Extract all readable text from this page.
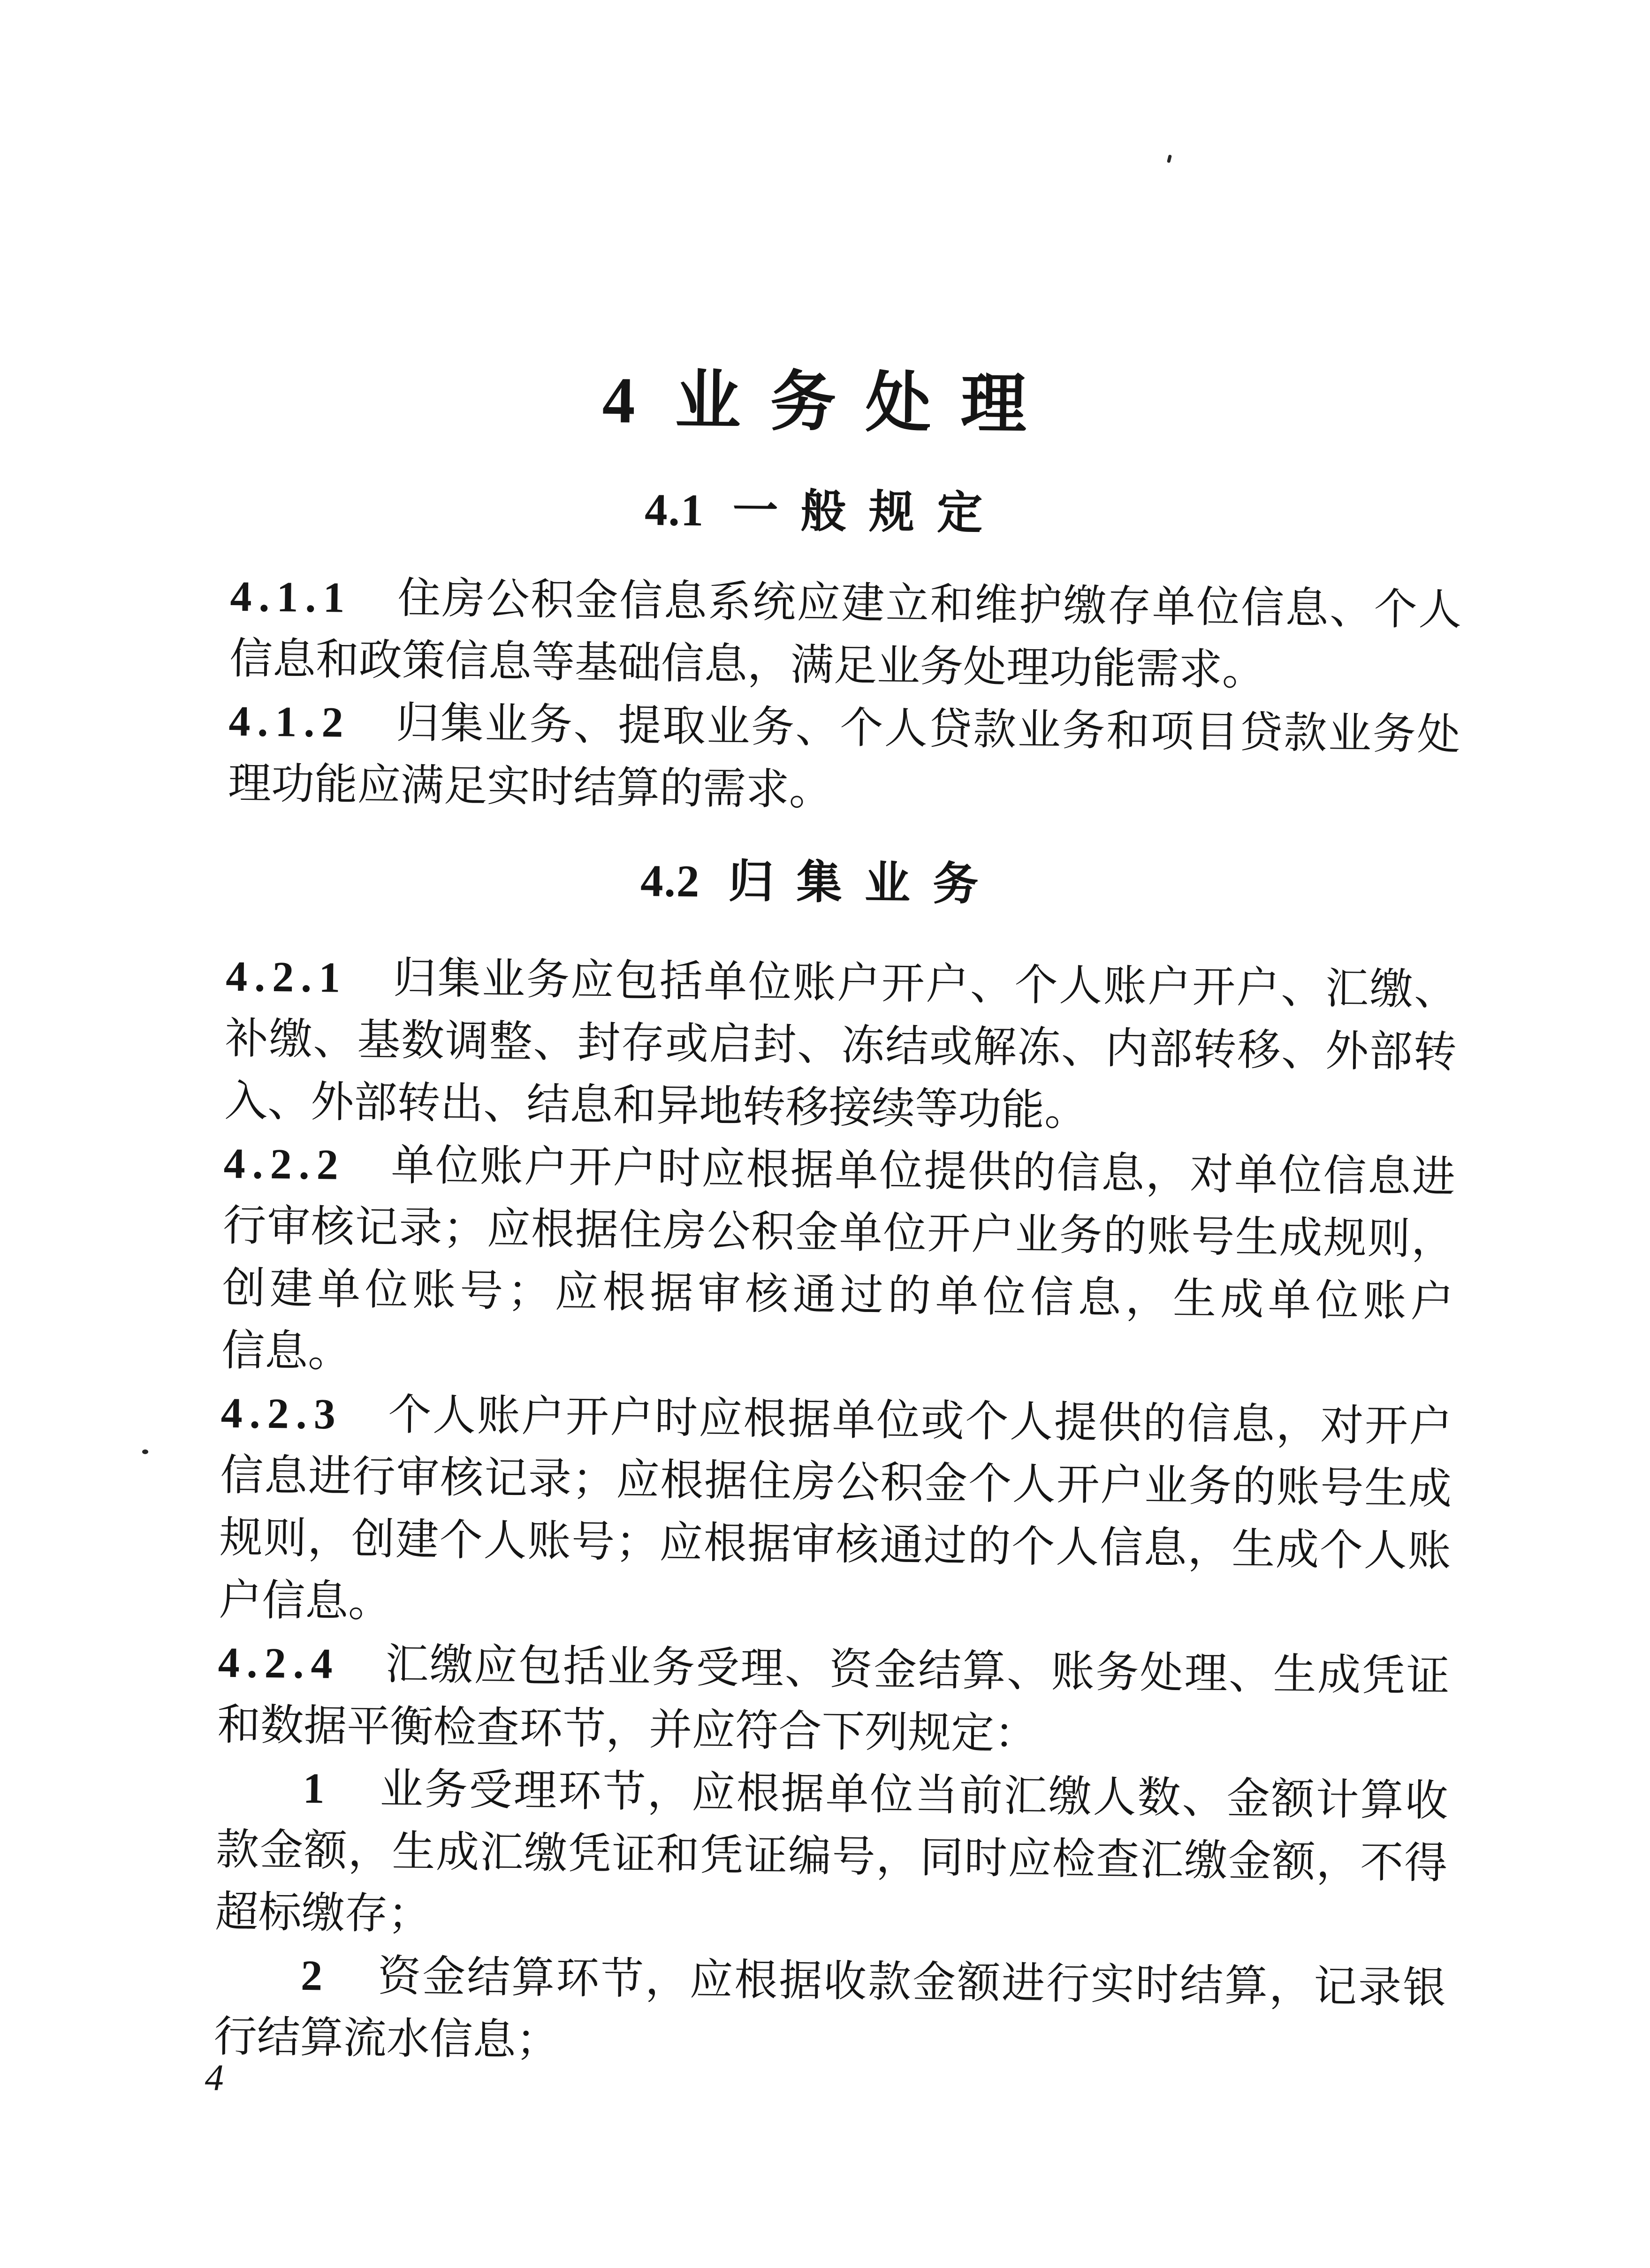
4 业 务 处 理
4.1 一 般 规 定
4.1.1 住房公积金信息系统应建立和维护缴存单位信息、个人
信息和政策信息等基础信息，满足业务处理功能需求。
4.1.2 归集业务、提取业务、个人贷款业务和项目贷款业务处
理功能应满足实时结算的需求。
4.2 归 集 业 务
4.2.1 归集业务应包括单位账户开户、个人账户开户、汇缴、
补缴、基数调整、封存或启封、冻结或解冻、内部转移、外部转
入、外部转出、结息和异地转移接续等功能。
4.2.2 单位账户开户时应根据单位提供的信息，对单位信息进
行审核记录；应根据住房公积金单位开户业务的账号生成规则，
创建单位账号；应根据审核通过的单位信息，生成单位账户
信息。
4.2.3 个人账户开户时应根据单位或个人提供的信息，对开户
信息进行审核记录；应根据住房公积金个人开户业务的账号生成
规则，创建个人账号；应根据审核通过的个人信息，生成个人账
户信息。
4.2.4 汇缴应包括业务受理、资金结算、账务处理、生成凭证
和数据平衡检查环节，并应符合下列规定：
1 业务受理环节，应根据单位当前汇缴人数、金额计算收
款金额，生成汇缴凭证和凭证编号，同时应检查汇缴金额，不得
超标缴存；
2 资金结算环节，应根据收款金额进行实时结算，记录银
行结算流水信息；
4
